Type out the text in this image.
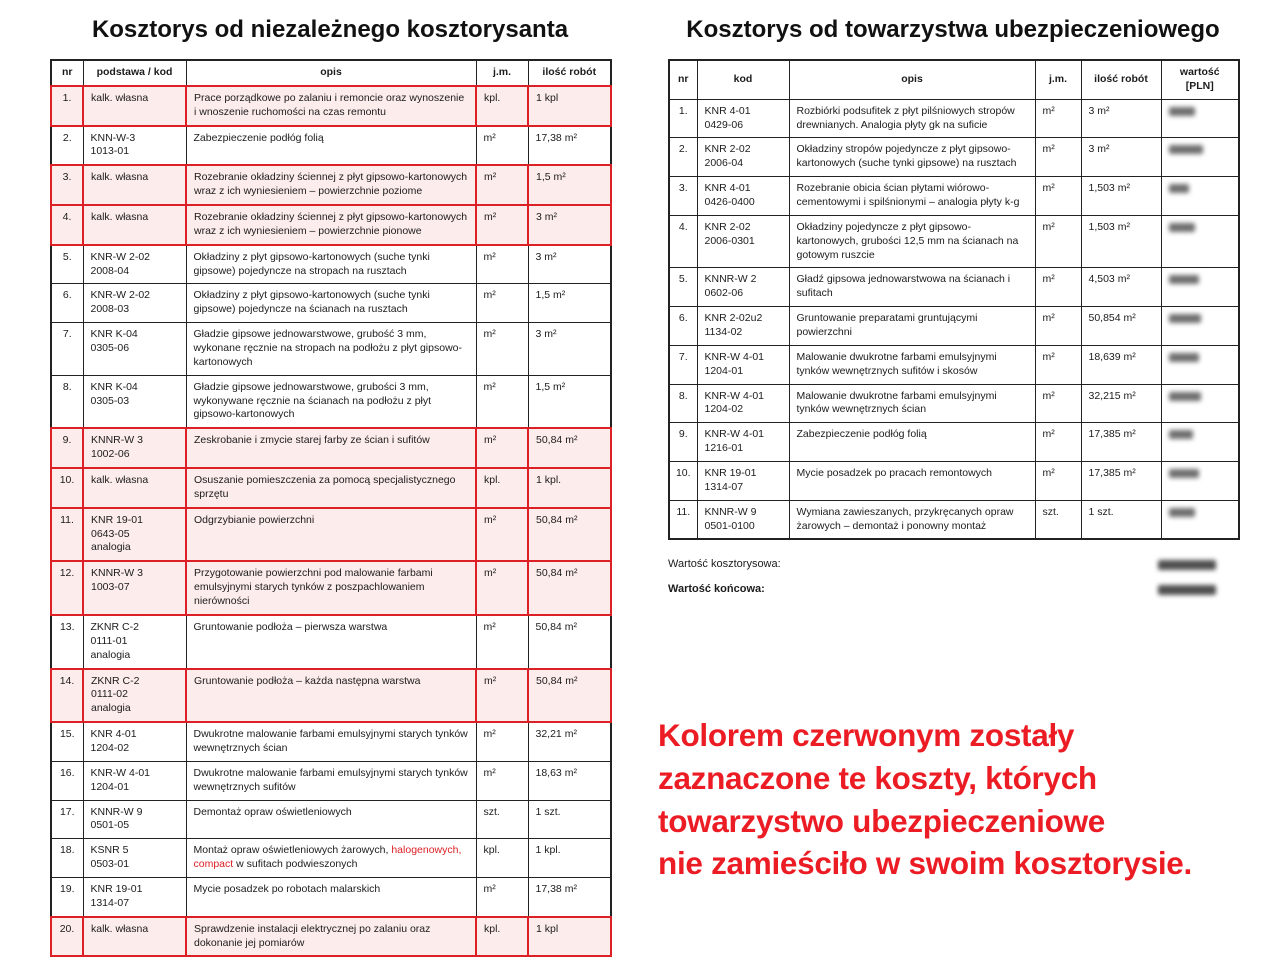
Kosztorys od niezależnego kosztorysanta
nr	podstawa / kod	opis	j.m.	ilość robót
1.	kalk. własna	Prace porządkowe po zalaniu i remoncie oraz wynoszenie i wnoszenie ruchomości na czas remontu	kpl.	1 kpl
2.	KNN-W-3
1013-01	Zabezpieczenie podłóg folią	m²	17,38 m²
3.	kalk. własna	Rozebranie okładziny ściennej z płyt gipsowo-kartonowych wraz z ich wyniesieniem – powierzchnie poziome	m²	1,5 m²
4.	kalk. własna	Rozebranie okładziny ściennej z płyt gipsowo-kartonowych wraz z ich wyniesieniem – powierzchnie pionowe	m²	3 m²
5.	KNR-W 2-02
2008-04	Okładziny z płyt gipsowo-kartonowych (suche tynki gipsowe) pojedyncze na stropach na rusztach	m²	3 m²
6.	KNR-W 2-02
2008-03	Okładziny z płyt gipsowo-kartonowych (suche tynki gipsowe) pojedyncze na ścianach na rusztach	m²	1,5 m²
7.	KNR K-04
0305-06	Gładzie gipsowe jednowarstwowe, grubość 3 mm, wykonane ręcznie na stropach na podłożu z płyt gipsowo-kartonowych	m²	3 m²
8.	KNR K-04
0305-03	Gładzie gipsowe jednowarstwowe, grubości 3 mm, wykonywane ręcznie na ścianach na podłożu z płyt gipsowo-kartonowych	m²	1,5 m²
9.	KNNR-W 3
1002-06	Zeskrobanie i zmycie starej farby ze ścian i sufitów	m²	50,84 m²
10.	kalk. własna	Osuszanie pomieszczenia za pomocą specjalistycznego sprzętu	kpl.	1 kpl.
11.	KNR 19-01
0643-05
analogia	Odgrzybianie powierzchni	m²	50,84 m²
12.	KNNR-W 3
1003-07	Przygotowanie powierzchni pod malowanie farbami emulsyjnymi starych tynków z poszpachlowaniem nierówności	m²	50,84 m²
13.	ZKNR C-2
0111-01
analogia	Gruntowanie podłoża – pierwsza warstwa	m²	50,84 m²
14.	ZKNR C-2
0111-02
analogia	Gruntowanie podłoża – każda następna warstwa	m²	50,84 m²
15.	KNR 4-01
1204-02	Dwukrotne malowanie farbami emulsyjnymi starych tynków wewnętrznych ścian	m²	32,21 m²
16.	KNR-W 4-01
1204-01	Dwukrotne malowanie farbami emulsyjnymi starych tynków wewnętrznych sufitów	m²	18,63 m²
17.	KNNR-W 9
0501-05	Demontaż opraw oświetleniowych	szt.	1 szt.
18.	KSNR 5
0503-01	Montaż opraw oświetleniowych żarowych, halogenowych, compact w sufitach podwieszonych	kpl.	1 kpl.
19.	KNR 19-01
1314-07	Mycie posadzek po robotach malarskich	m²	17,38 m²
20.	kalk. własna	Sprawdzenie instalacji elektrycznej po zalaniu oraz dokonanie jej pomiarów	kpl.	1 kpl
Kosztorys od towarzystwa ubezpieczeniowego
nr	kod	opis	j.m.	ilość robót	wartość [PLN]
1.	KNR 4-01
0429-06	Rozbiórki podsufitek z płyt pilśniowych stropów drewnianych. Analogia płyty gk na suficie	m²	3 m²	
2.	KNR 2-02
2006-04	Okładziny stropów pojedyncze z płyt gipsowo-kartonowych (suche tynki gipsowe) na rusztach	m²	3 m²	
3.	KNR 4-01
0426-0400	Rozebranie obicia ścian płytami wiórowo-cementowymi i spilśnionymi – analogia płyty k-g	m²	1,503 m²	
4.	KNR 2-02
2006-0301	Okładziny pojedyncze z płyt gipsowo-kartonowych, grubości 12,5 mm na ścianach na gotowym ruszcie	m²	1,503 m²	
5.	KNNR-W 2
0602-06	Gładź gipsowa jednowarstwowa na ścianach i sufitach	m²	4,503 m²	
6.	KNR 2-02u2
1134-02	Gruntowanie preparatami gruntującymi powierzchni	m²	50,854 m²	
7.	KNR-W 4-01
1204-01	Malowanie dwukrotne farbami emulsyjnymi tynków wewnętrznych sufitów i skosów	m²	18,639 m²	
8.	KNR-W 4-01
1204-02	Malowanie dwukrotne farbami emulsyjnymi tynków wewnętrznych ścian	m²	32,215 m²	
9.	KNR-W 4-01
1216-01	Zabezpieczenie podłóg folią	m²	17,385 m²	
10.	KNR 19-01
1314-07	Mycie posadzek po pracach remontowych	m²	17,385 m²	
11.	KNNR-W 9
0501-0100	Wymiana zawieszanych, przykręcanych opraw żarowych – demontaż i ponowny montaż	szt.	1 szt.	
Wartość kosztorysowa:
Wartość końcowa:
Kolorem czerwonym zostały
zaznaczone te koszty, których
towarzystwo ubezpieczeniowe
nie zamieściło w swoim kosztorysie.
